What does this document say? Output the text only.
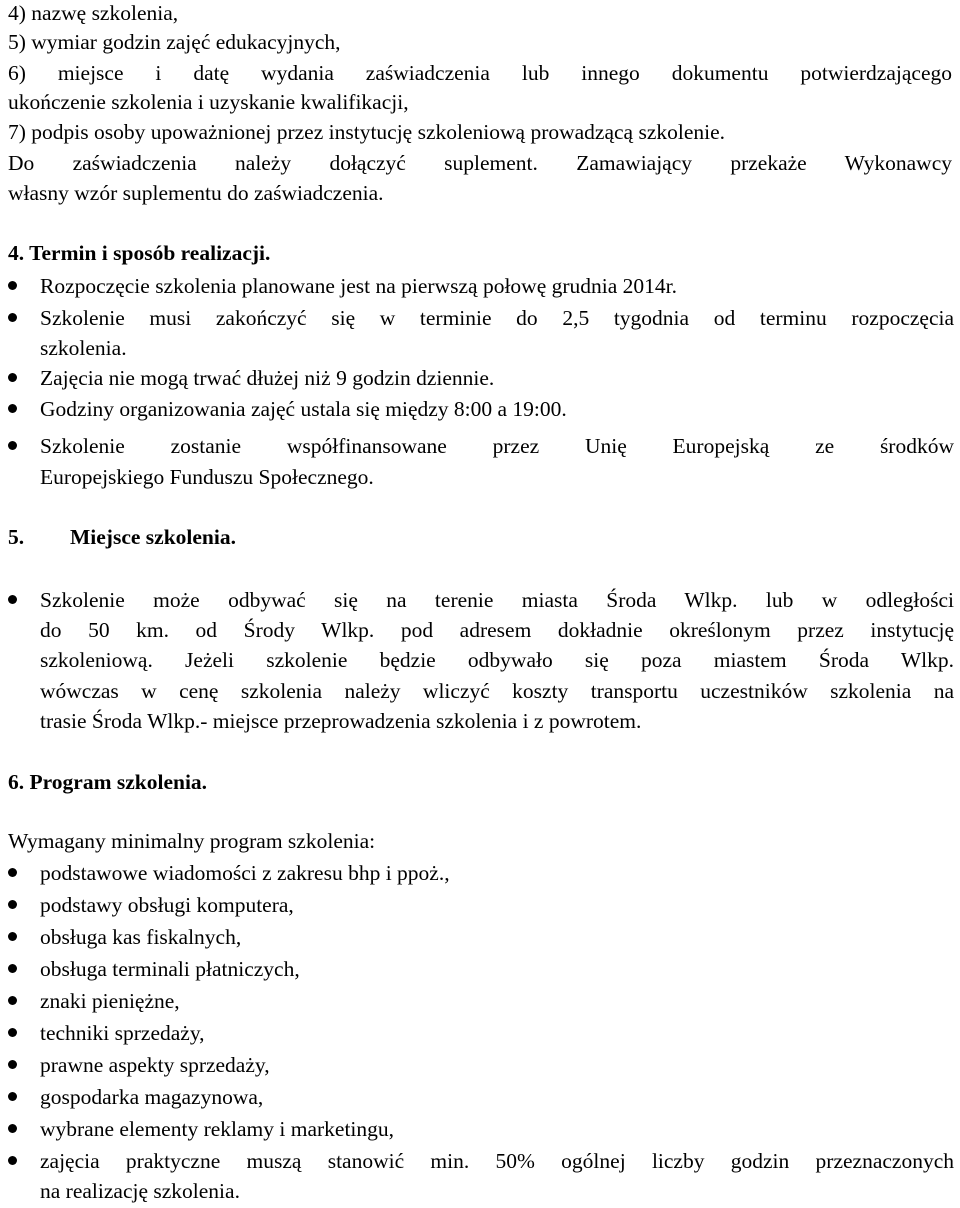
4) nazwę szkolenia,
5) wymiar godzin zajęć edukacyjnych,
6) miejsce i datę wydania zaświadczenia lub innego dokumentu potwierdzającego
ukończenie szkolenia i uzyskanie kwalifikacji,
7) podpis osoby upoważnionej przez instytucję szkoleniową prowadzącą szkolenie.
Do zaświadczenia należy dołączyć suplement. Zamawiający przekaże Wykonawcy
własny wzór suplementu do zaświadczenia.
4. Termin i sposób realizacji.
Rozpoczęcie szkolenia planowane jest na pierwszą połowę grudnia 2014r.
Szkolenie musi zakończyć się w terminie do 2,5 tygodnia od terminu rozpoczęcia
szkolenia.
Zajęcia nie mogą trwać dłużej niż 9 godzin dziennie.
Godziny organizowania zajęć ustala się między 8:00 a 19:00.
Szkolenie zostanie współfinansowane przez Unię Europejską ze środków
Europejskiego Funduszu Społecznego.
5.	Miejsce szkolenia.
Szkolenie może odbywać się na terenie miasta Środa Wlkp. lub w odległości
do 50 km. od Środy Wlkp. pod adresem dokładnie określonym przez instytucję
szkoleniową. Jeżeli szkolenie będzie odbywało się poza miastem Środa Wlkp.
wówczas w cenę szkolenia należy wliczyć koszty transportu uczestników szkolenia na
trasie Środa Wlkp.- miejsce przeprowadzenia szkolenia i z powrotem.
6. Program szkolenia.
Wymagany minimalny program szkolenia:
podstawowe wiadomości z zakresu bhp i ppoż.,
podstawy obsługi komputera,
obsługa kas fiskalnych,
obsługa terminali płatniczych,
znaki pieniężne,
techniki sprzedaży,
prawne aspekty sprzedaży,
gospodarka magazynowa,
wybrane elementy reklamy i marketingu,
zajęcia praktyczne muszą stanowić min. 50% ogólnej liczby godzin przeznaczonych
na realizację szkolenia.
